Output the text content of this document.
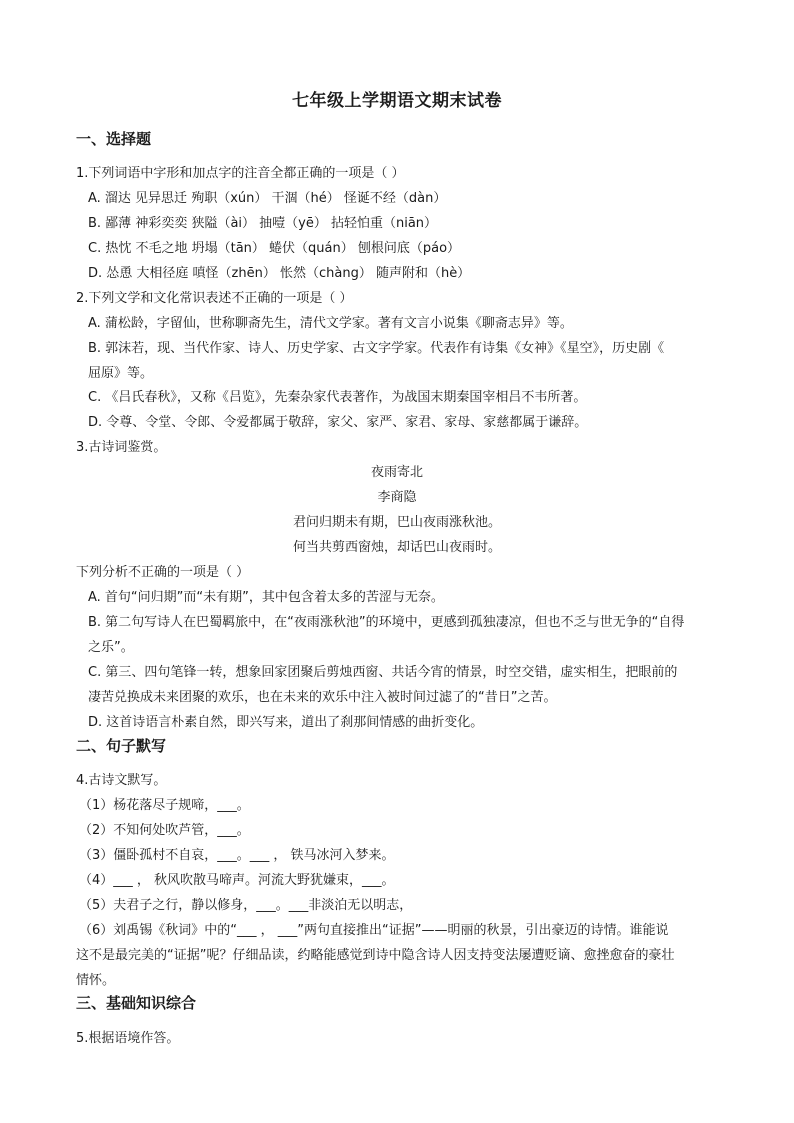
七年级上学期语文期末试卷
一、选择题
1.下列词语中字形和加点字的注音全都正确的一项是（ ）
A. 溜达 见异思迁 殉职（xún） 干涸（hé） 怪诞不经（dàn）
B. 鄙薄 神彩奕奕 狭隘（ài） 抽噎（yē） 拈轻怕重（niān）
C. 热忱 不毛之地 坍塌（tān） 蜷伏（quán） 刨根问底（páo）
D. 怂恿 大相径庭 嗔怪（zhēn） 怅然（chàng） 随声附和（hè）
2.下列文学和文化常识表述不正确的一项是（ ）
A. 蒲松龄，字留仙，世称聊斋先生，清代文学家。著有文言小说集《聊斋志异》等。
B. 郭沫若，现、当代作家、诗人、历史学家、古文字学家。代表作有诗集《女神》《星空》，历史剧《
屈原》等。
C. 《吕氏春秋》，又称《吕览》，先秦杂家代表著作，为战国末期秦国宰相吕不韦所著。
D. 令尊、令堂、令郎、令爱都属于敬辞，家父、家严、家君、家母、家慈都属于谦辞。
3.古诗词鉴赏。
夜雨寄北
李商隐
君问归期未有期，巴山夜雨涨秋池。
何当共剪西窗烛，却话巴山夜雨时。
下列分析不正确的一项是（ ）
A. 首句“问归期”而“未有期”，其中包含着太多的苦涩与无奈。
B. 第二句写诗人在巴蜀羁旅中，在“夜雨涨秋池”的环境中，更感到孤独凄凉，但也不乏与世无争的“自得
之乐”。
C. 第三、四句笔锋一转，想象回家团聚后剪烛西窗、共话今宵的情景，时空交错，虚实相生，把眼前的
凄苦兑换成未来团聚的欢乐，也在未来的欢乐中注入被时间过滤了的“昔日”之苦。
D. 这首诗语言朴素自然，即兴写来，道出了刹那间情感的曲折变化。
二、句子默写
4.古诗文默写。
（1）杨花落尽子规啼，___。
（2）不知何处吹芦管，___。
（3）僵卧孤村不自哀，___。___ ， 铁马冰河入梦来。
（4）___ ， 秋风吹散马啼声。河流大野犹嫌束，___。
（5）夫君子之行，静以修身，___。___非淡泊无以明志，
（6）刘禹锡《秋词》中的“___ ， ___”两句直接推出“证据”——明丽的秋景，引出豪迈的诗情。谁能说
这不是最完美的“证据”呢？仔细品读，约略能感觉到诗中隐含诗人因支持变法屡遭贬谪、愈挫愈奋的豪壮
情怀。
三、基础知识综合
5.根据语境作答。
